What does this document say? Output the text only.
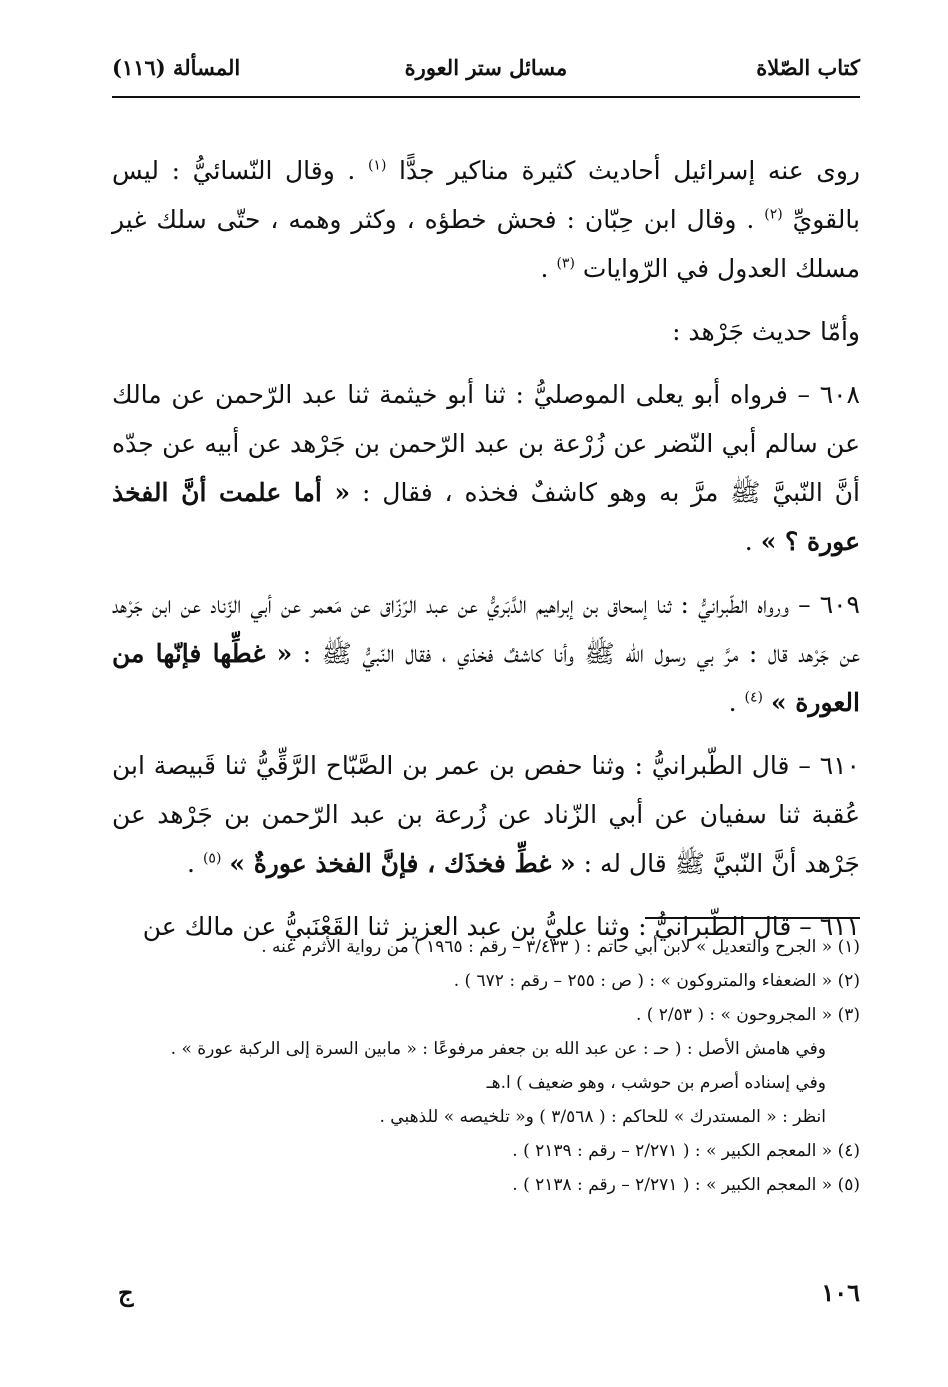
كتاب الصّلاة
مسائل ستر العورة
المسألة (١١٦)

روى عنه إسرائيل أحاديث كثيرة مناكير جدًّا $^{(١)}$ . وقال النّسائيُّ : ليس بالقويِّ $^{(٢)}$ . وقال ابن حِبّان : فحش خطؤه ، وكثر وهمه ، حتّى سلك غير مسلك العدول في الرّوايات $^{(٣)}$ .

وأمّا حديث جَرْهد :

٦٠٨ – فرواه أبو يعلى الموصليُّ : ثنا أبو خيثمة ثنا عبد الرّحمن عن مالك عن سالم أبي النّضر عن زُرْعة بن عبد الرّحمن بن جَرْهد عن أبيه عن جدّه أنَّ النّبيَّ ﷺ مرَّ به وهو كاشفٌ فخذه ، فقال : « أما علمت أنَّ الفخذ عورة ؟ » .

٦٠٩ – ورواه الطّبرانيُّ : ثنا إسحاق بن إبراهيم الدَّبَريُّ عن عبد الرّزّاق عن مَعمر عن أبي الزّناد عن ابن جَرْهد عن جَرْهد قال : مرَّ بي رسول الله ﷺ وأنا كاشفٌ فخذي ، فقال النّبيُّ ﷺ : « غطِّها فإنّها من العورة » $^{(٤)}$ .

٦١٠ – قال الطّبرانيُّ : وثنا حفص بن عمر بن الصَّبّاح الرَّقِّيُّ ثنا قَبيصة ابن عُقبة ثنا سفيان عن أبي الزّناد عن زُرعة بن عبد الرّحمن بن جَرْهد عن جَرْهد أنَّ النّبيَّ ﷺ قال له : « غطِّ فخذَك ، فإنَّ الفخذ عورةٌ » $^{(٥)}$ .

٦١١ – قال الطّبرانيُّ : وثنا عليُّ بن عبد العزيز ثنا القَعْنَبيُّ عن مالك عن

(١) « الجرح والتعديل » لابن أبي حاتم : ( ٣/٤٣٣ – رقم : ١٩٦٥ ) من رواية الأثرم عنه .
(٢) « الضعفاء والمتروكون » : ( ص : ٢٥٥ – رقم : ٦٧٢ ) .
(٣) « المجروحون » : ( ٢/٥٣ ) .
وفي هامش الأصل : ( حـ : عن عبد الله بن جعفر مرفوعًا : « مابين السرة إلى الركبة عورة » .
وفي إسناده أصرم بن حوشب ، وهو ضعيف ) ا.هـ
انظر : « المستدرك » للحاكم : ( ٣/٥٦٨ ) و« تلخيصه » للذهبي .
(٤) « المعجم الكبير » : ( ٢/٢٧١ – رقم : ٢١٣٩ ) .
(٥) « المعجم الكبير » : ( ٢/٢٧١ – رقم : ٢١٣٨ ) .
١٠٦
ج
